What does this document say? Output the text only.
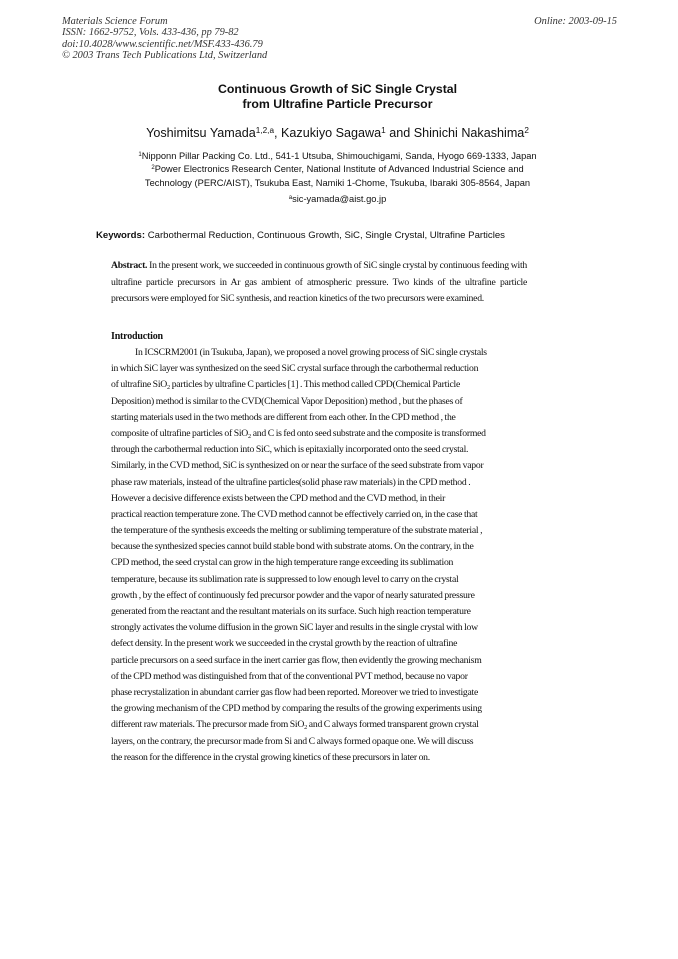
Materials Science Forum
ISSN: 1662-9752, Vols. 433-436, pp 79-82
doi:10.4028/www.scientific.net/MSF.433-436.79
© 2003 Trans Tech Publications Ltd, Switzerland
Online: 2003-09-15
Continuous Growth of SiC Single Crystal
from Ultrafine Particle Precursor
Yoshimitsu Yamada$^{1,2,a}$, Kazukiyo Sagawa$^1$ and Shinichi Nakashima$^2$
$^1$Nipponn Pillar Packing Co. Ltd., 541-1 Utsuba, Shimouchigami, Sanda, Hyogo 669-1333, Japan
$^2$Power Electronics Research Center, National Institute of Advanced Industrial Science and
Technology (PERC/AIST), Tsukuba East, Namiki 1-Chome, Tsukuba, Ibaraki 305-8564, Japan
$^a$sic-yamada@aist.go.jp
Keywords: Carbothermal Reduction, Continuous Growth, SiC, Single Crystal, Ultrafine Particles
Abstract. In the present work, we succeeded in continuous growth of SiC single crystal by continuous feeding with ultrafine particle precursors in Ar gas ambient of atmospheric pressure. Two kinds of the ultrafine particle precursors were employed for SiC synthesis, and reaction kinetics of the two precursors were examined.
Introduction
In ICSCRM2001 (in Tsukuba, Japan), we proposed a novel growing process of SiC single crystals
in which SiC layer was synthesized on the seed SiC crystal surface through the carbothermal reduction
of ultrafine SiO$_2$ particles by ultrafine C particles [1] . This method called CPD(Chemical Particle
Deposition) method is similar to the CVD(Chemical Vapor Deposition) method , but the phases of
starting materials used in the two methods are different from each other. In the CPD method , the
composite of ultrafine particles of SiO$_2$ and C is fed onto seed substrate and the composite is transformed
through the carbothermal reduction into SiC, which is epitaxially incorporated onto the seed crystal.
Similarly, in the CVD method, SiC is synthesized on or near the surface of the seed substrate from vapor
phase raw materials, instead of the ultrafine particles(solid phase raw materials) in the CPD method .
However a decisive difference exists between the CPD method and the CVD method, in their
practical reaction temperature zone. The CVD method cannot be effectively carried on, in the case that
the temperature of the synthesis exceeds the melting or subliming temperature of the substrate material ,
because the synthesized species cannot build stable bond with substrate atoms. On the contrary, in the
CPD method, the seed crystal can grow in the high temperature range exceeding its sublimation
temperature, because its sublimation rate is suppressed to low enough level to carry on the crystal
growth , by the effect of continuously fed precursor powder and the vapor of nearly saturated pressure
generated from the reactant and the resultant materials on its surface. Such high reaction temperature
strongly activates the volume diffusion in the grown SiC layer and results in the single crystal with low
defect density. In the present work we succeeded in the crystal growth by the reaction of ultrafine
particle precursors on a seed surface in the inert carrier gas flow, then evidently the growing mechanism
of the CPD method was distinguished from that of the conventional PVT method, because no vapor
phase recrystalization in abundant carrier gas flow had been reported. Moreover we tried to investigate
the growing mechanism of the CPD method by comparing the results of the growing experiments using
different raw materials. The precursor made from SiO$_2$ and C always formed transparent grown crystal
layers, on the contrary, the precursor made from Si and C always formed opaque one. We will discuss
the reason for the difference in the crystal growing kinetics of these precursors in later on.
